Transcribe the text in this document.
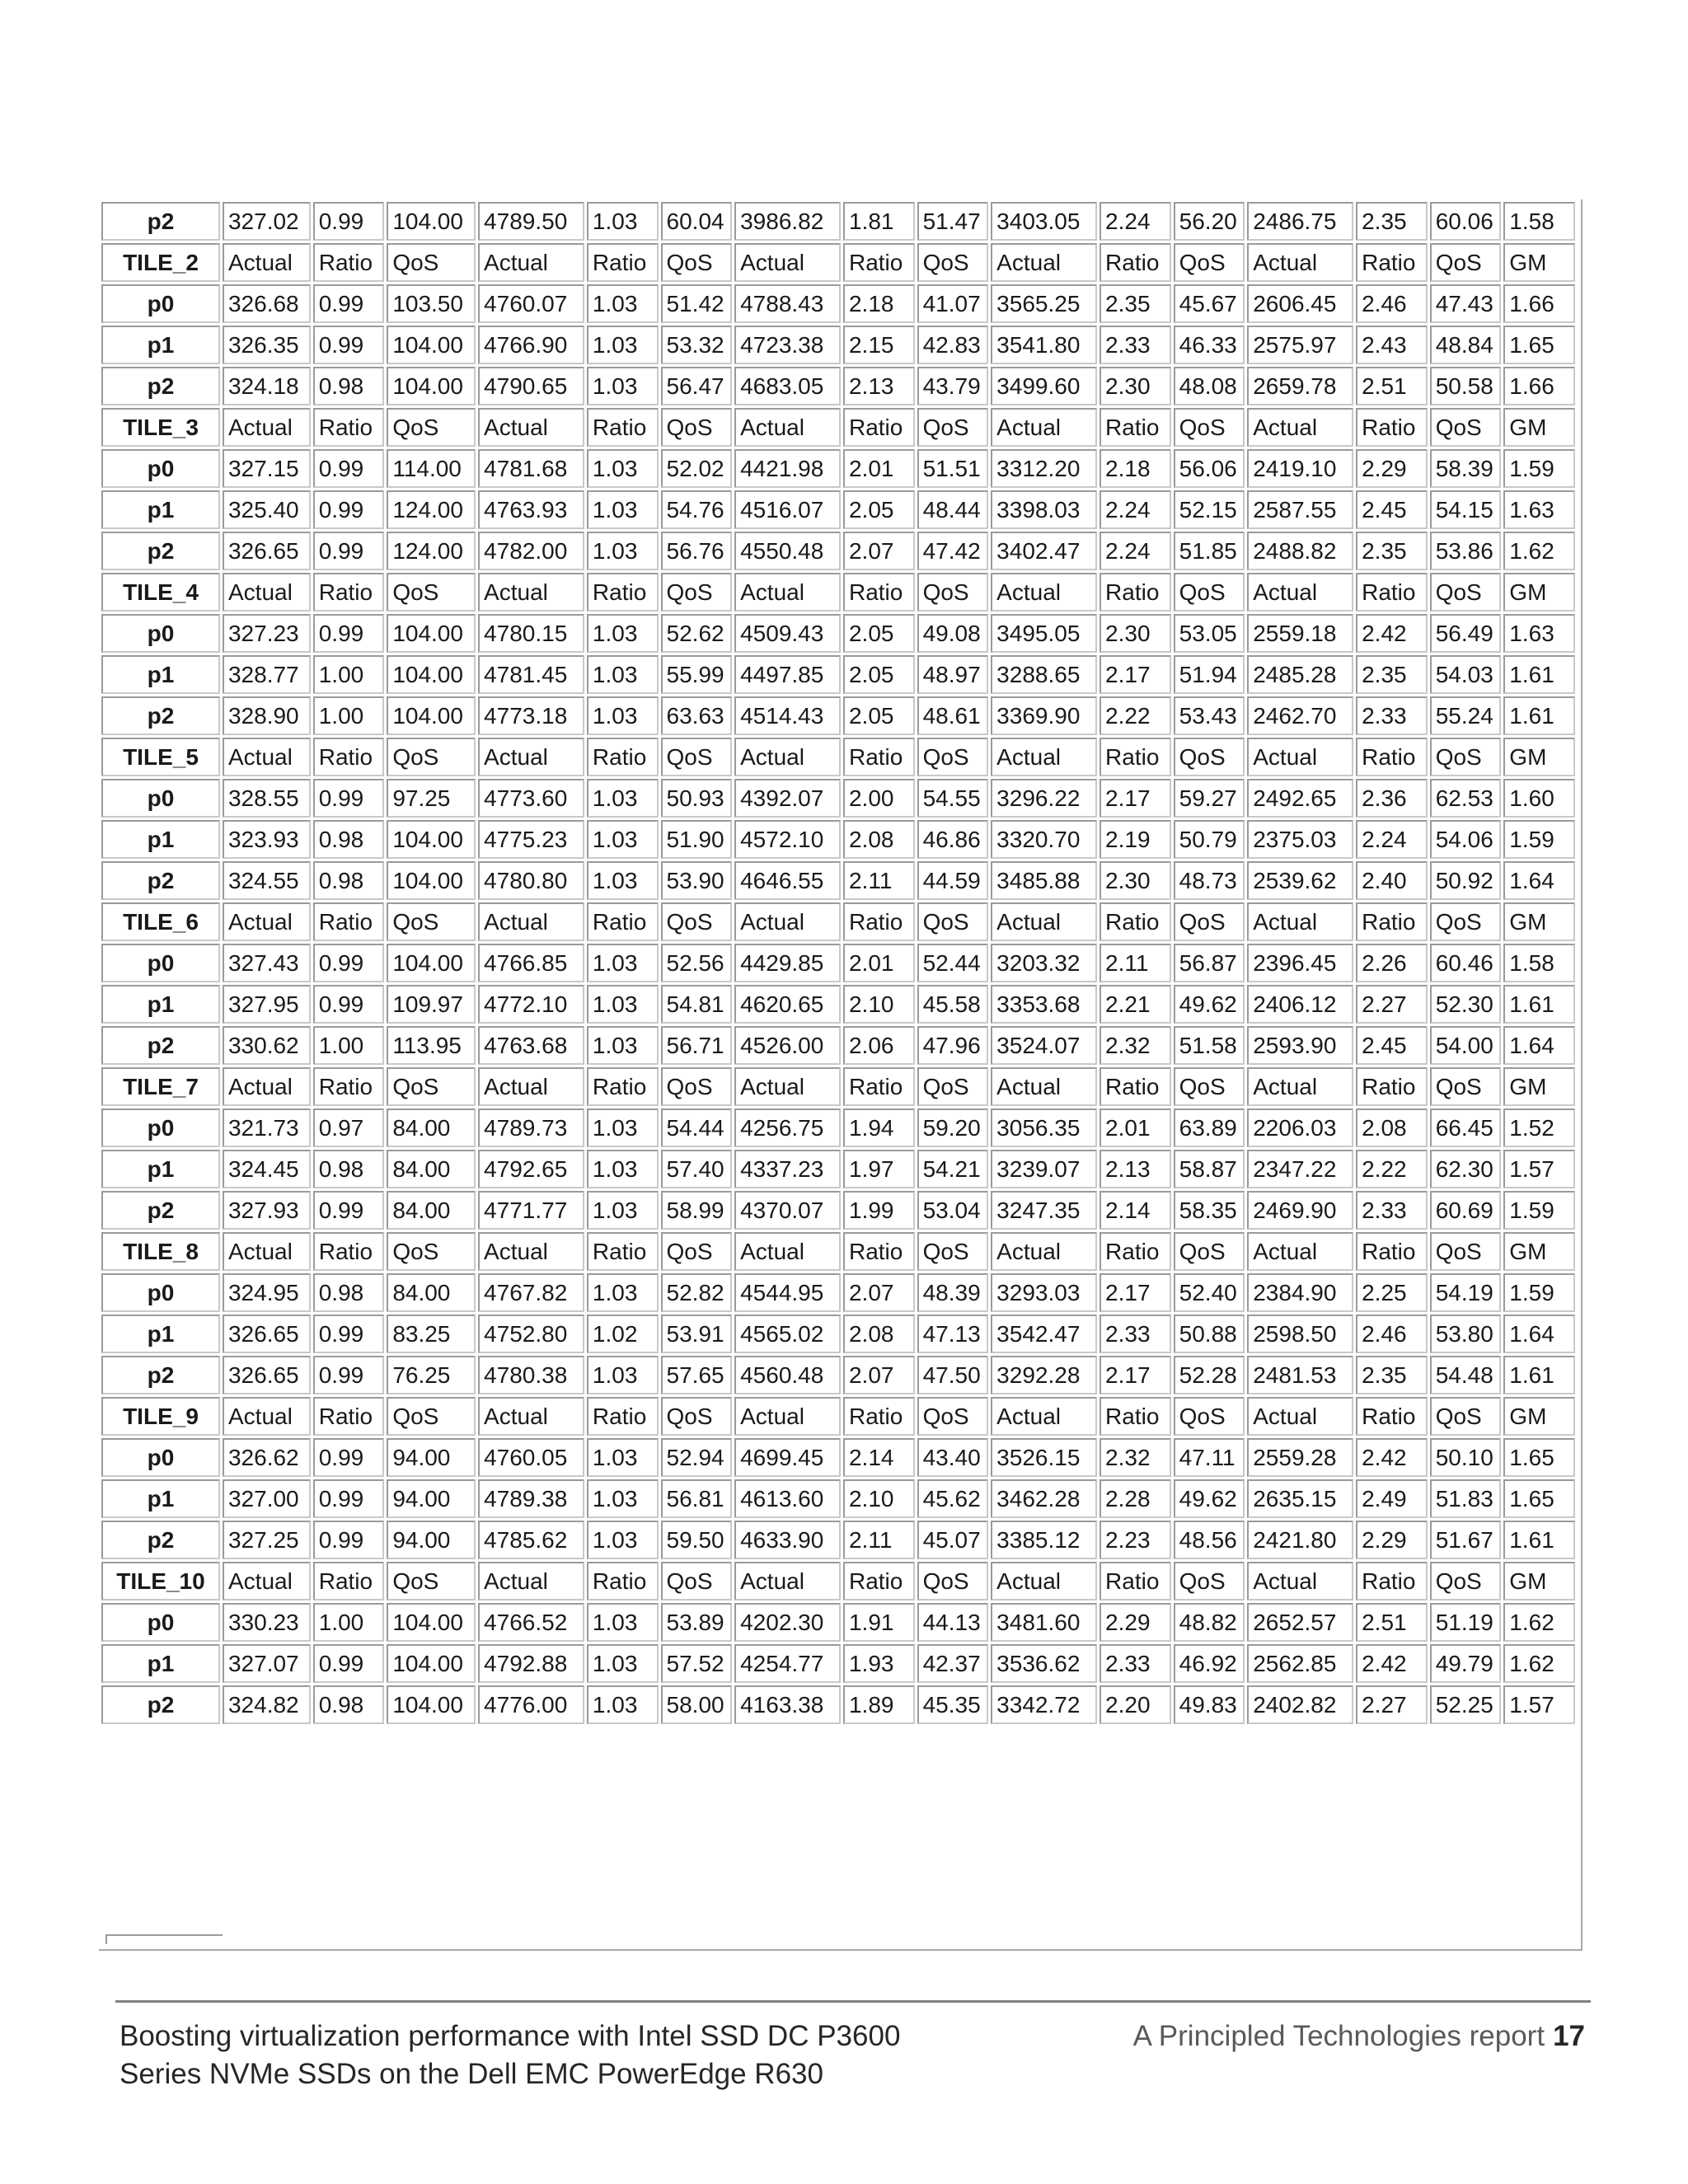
p2	327.02	0.99	104.00	4789.50	1.03	60.04	3986.82	1.81	51.47	3403.05	2.24	56.20	2486.75	2.35	60.06	1.58
TILE_2	Actual	Ratio	QoS	Actual	Ratio	QoS	Actual	Ratio	QoS	Actual	Ratio	QoS	Actual	Ratio	QoS	GM
p0	326.68	0.99	103.50	4760.07	1.03	51.42	4788.43	2.18	41.07	3565.25	2.35	45.67	2606.45	2.46	47.43	1.66
p1	326.35	0.99	104.00	4766.90	1.03	53.32	4723.38	2.15	42.83	3541.80	2.33	46.33	2575.97	2.43	48.84	1.65
p2	324.18	0.98	104.00	4790.65	1.03	56.47	4683.05	2.13	43.79	3499.60	2.30	48.08	2659.78	2.51	50.58	1.66
TILE_3	Actual	Ratio	QoS	Actual	Ratio	QoS	Actual	Ratio	QoS	Actual	Ratio	QoS	Actual	Ratio	QoS	GM
p0	327.15	0.99	114.00	4781.68	1.03	52.02	4421.98	2.01	51.51	3312.20	2.18	56.06	2419.10	2.29	58.39	1.59
p1	325.40	0.99	124.00	4763.93	1.03	54.76	4516.07	2.05	48.44	3398.03	2.24	52.15	2587.55	2.45	54.15	1.63
p2	326.65	0.99	124.00	4782.00	1.03	56.76	4550.48	2.07	47.42	3402.47	2.24	51.85	2488.82	2.35	53.86	1.62
TILE_4	Actual	Ratio	QoS	Actual	Ratio	QoS	Actual	Ratio	QoS	Actual	Ratio	QoS	Actual	Ratio	QoS	GM
p0	327.23	0.99	104.00	4780.15	1.03	52.62	4509.43	2.05	49.08	3495.05	2.30	53.05	2559.18	2.42	56.49	1.63
p1	328.77	1.00	104.00	4781.45	1.03	55.99	4497.85	2.05	48.97	3288.65	2.17	51.94	2485.28	2.35	54.03	1.61
p2	328.90	1.00	104.00	4773.18	1.03	63.63	4514.43	2.05	48.61	3369.90	2.22	53.43	2462.70	2.33	55.24	1.61
TILE_5	Actual	Ratio	QoS	Actual	Ratio	QoS	Actual	Ratio	QoS	Actual	Ratio	QoS	Actual	Ratio	QoS	GM
p0	328.55	0.99	97.25	4773.60	1.03	50.93	4392.07	2.00	54.55	3296.22	2.17	59.27	2492.65	2.36	62.53	1.60
p1	323.93	0.98	104.00	4775.23	1.03	51.90	4572.10	2.08	46.86	3320.70	2.19	50.79	2375.03	2.24	54.06	1.59
p2	324.55	0.98	104.00	4780.80	1.03	53.90	4646.55	2.11	44.59	3485.88	2.30	48.73	2539.62	2.40	50.92	1.64
TILE_6	Actual	Ratio	QoS	Actual	Ratio	QoS	Actual	Ratio	QoS	Actual	Ratio	QoS	Actual	Ratio	QoS	GM
p0	327.43	0.99	104.00	4766.85	1.03	52.56	4429.85	2.01	52.44	3203.32	2.11	56.87	2396.45	2.26	60.46	1.58
p1	327.95	0.99	109.97	4772.10	1.03	54.81	4620.65	2.10	45.58	3353.68	2.21	49.62	2406.12	2.27	52.30	1.61
p2	330.62	1.00	113.95	4763.68	1.03	56.71	4526.00	2.06	47.96	3524.07	2.32	51.58	2593.90	2.45	54.00	1.64
TILE_7	Actual	Ratio	QoS	Actual	Ratio	QoS	Actual	Ratio	QoS	Actual	Ratio	QoS	Actual	Ratio	QoS	GM
p0	321.73	0.97	84.00	4789.73	1.03	54.44	4256.75	1.94	59.20	3056.35	2.01	63.89	2206.03	2.08	66.45	1.52
p1	324.45	0.98	84.00	4792.65	1.03	57.40	4337.23	1.97	54.21	3239.07	2.13	58.87	2347.22	2.22	62.30	1.57
p2	327.93	0.99	84.00	4771.77	1.03	58.99	4370.07	1.99	53.04	3247.35	2.14	58.35	2469.90	2.33	60.69	1.59
TILE_8	Actual	Ratio	QoS	Actual	Ratio	QoS	Actual	Ratio	QoS	Actual	Ratio	QoS	Actual	Ratio	QoS	GM
p0	324.95	0.98	84.00	4767.82	1.03	52.82	4544.95	2.07	48.39	3293.03	2.17	52.40	2384.90	2.25	54.19	1.59
p1	326.65	0.99	83.25	4752.80	1.02	53.91	4565.02	2.08	47.13	3542.47	2.33	50.88	2598.50	2.46	53.80	1.64
p2	326.65	0.99	76.25	4780.38	1.03	57.65	4560.48	2.07	47.50	3292.28	2.17	52.28	2481.53	2.35	54.48	1.61
TILE_9	Actual	Ratio	QoS	Actual	Ratio	QoS	Actual	Ratio	QoS	Actual	Ratio	QoS	Actual	Ratio	QoS	GM
p0	326.62	0.99	94.00	4760.05	1.03	52.94	4699.45	2.14	43.40	3526.15	2.32	47.11	2559.28	2.42	50.10	1.65
p1	327.00	0.99	94.00	4789.38	1.03	56.81	4613.60	2.10	45.62	3462.28	2.28	49.62	2635.15	2.49	51.83	1.65
p2	327.25	0.99	94.00	4785.62	1.03	59.50	4633.90	2.11	45.07	3385.12	2.23	48.56	2421.80	2.29	51.67	1.61
TILE_10	Actual	Ratio	QoS	Actual	Ratio	QoS	Actual	Ratio	QoS	Actual	Ratio	QoS	Actual	Ratio	QoS	GM
p0	330.23	1.00	104.00	4766.52	1.03	53.89	4202.30	1.91	44.13	3481.60	2.29	48.82	2652.57	2.51	51.19	1.62
p1	327.07	0.99	104.00	4792.88	1.03	57.52	4254.77	1.93	42.37	3536.62	2.33	46.92	2562.85	2.42	49.79	1.62
p2	324.82	0.98	104.00	4776.00	1.03	58.00	4163.38	1.89	45.35	3342.72	2.20	49.83	2402.82	2.27	52.25	1.57
Boosting virtualization performance with Intel SSD DC P3600
Series NVMe SSDs on the Dell EMC PowerEdge R630
A Principled Technologies report 17
